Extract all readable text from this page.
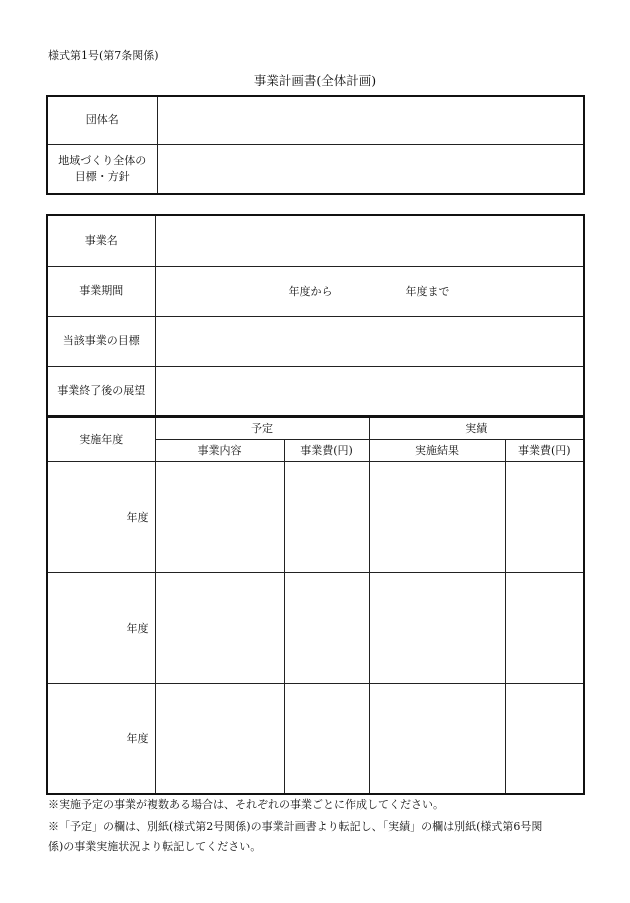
様式第1号(第7条関係)
事業計画書(全体計画)
団体名	

地域づくり全体の
目標・方針	

事業名	
事業期間	年度から 年度まで

当該事業の目標	
事業終了後の展望	
実施年度	予定		実績	
	事業内容	事業費(円)	実施結果	事業費(円)
年度				
年度				
年度				
※実施予定の事業が複数ある場合は、それぞれの事業ごとに作成してください。
※「予定」の欄は、別紙(様式第2号関係)の事業計画書より転記し、「実績」の欄は別紙(様式第6号関
係)の事業実施状況より転記してください。
